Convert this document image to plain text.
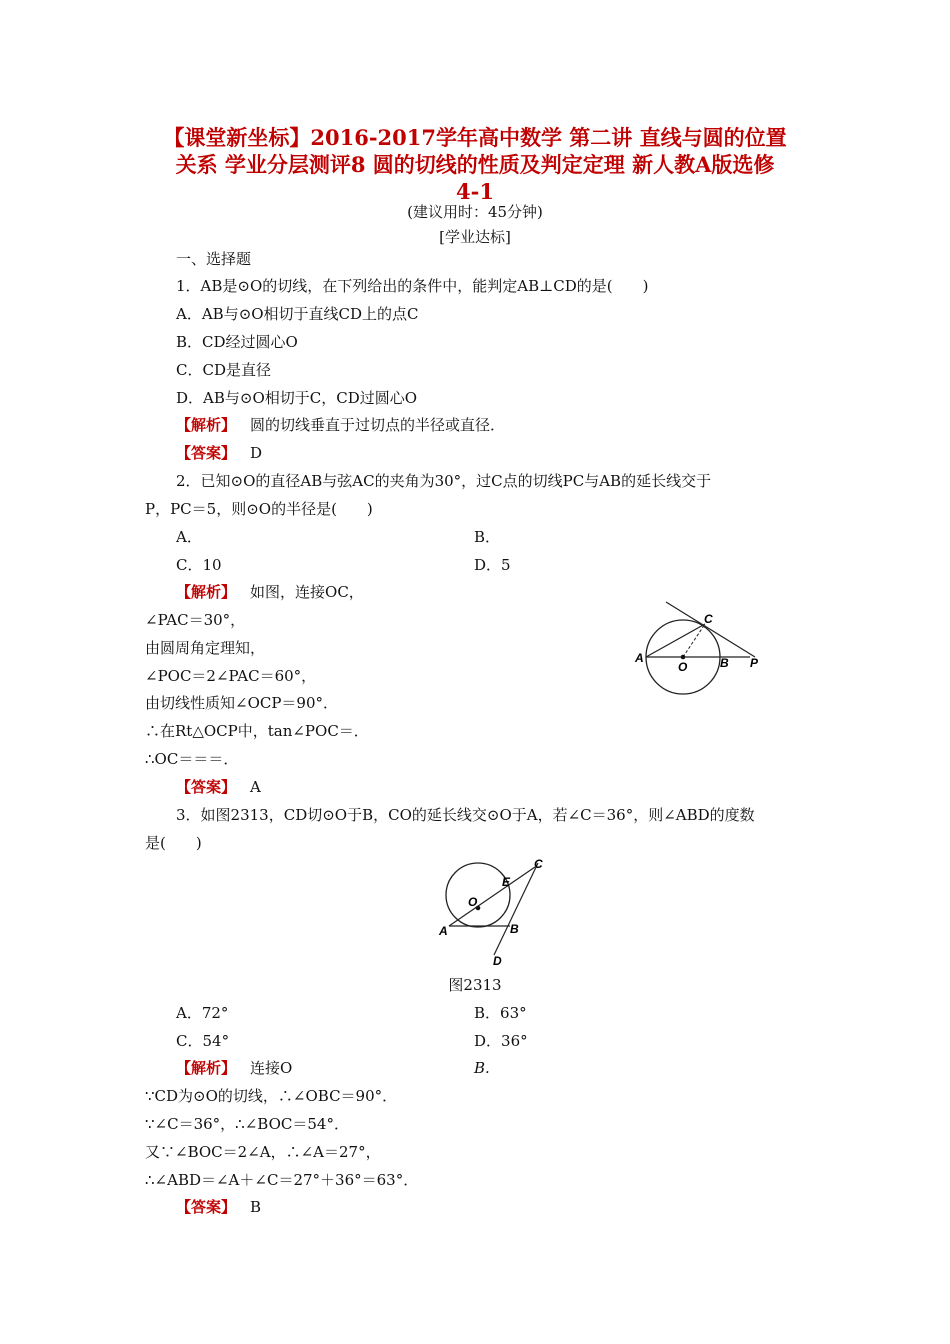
【课堂新坐标】2016-2017学年高中数学 第二讲 直线与圆的位置
关系 学业分层测评8 圆的切线的性质及判定定理 新人教A版选修
4-1
(建议用时：45分钟)
[学业达标]
一、选择题
1．AB是⊙O的切线，在下列给出的条件中，能判定AB⊥CD的是(　　)
A．AB与⊙O相切于直线CD上的点C
B．CD经过圆心O
C．CD是直径
D．AB与⊙O相切于C，CD过圆心O
【解析】 圆的切线垂直于过切点的半径或直径．
【答案】 D
2．已知⊙O的直径AB与弦AC的夹角为30°，过C点的切线PC与AB的延长线交于
P，PC＝5，则⊙O的半径是(　　)
A．	B．
C．10	D．5
【解析】 如图，连接OC，
∠PAC＝30°，
由圆周角定理知，
∠POC＝2∠PAC＝60°，
由切线性质知∠OCP＝90°．
∴在Rt△OCP中，tan∠POC＝．
∴OC＝＝＝．
【答案】 A
A
O	B P
C
3．如图2313，CD切⊙O于B，CO的延长线交⊙O于A，若∠C＝36°，则∠ABD的度数
是(　　)
O
E
C
A	B
D
图2313
A．72°	B．63°
C．54°	D．36°
【解析】 连接O	B.
∵CD为⊙O的切线，∴∠OBC＝90°．
∵∠C＝36°，∴∠BOC＝54°．
又∵∠BOC＝2∠A，∴∠A＝27°，
∴∠ABD＝∠A＋∠C＝27°＋36°＝63°．
【答案】 B
